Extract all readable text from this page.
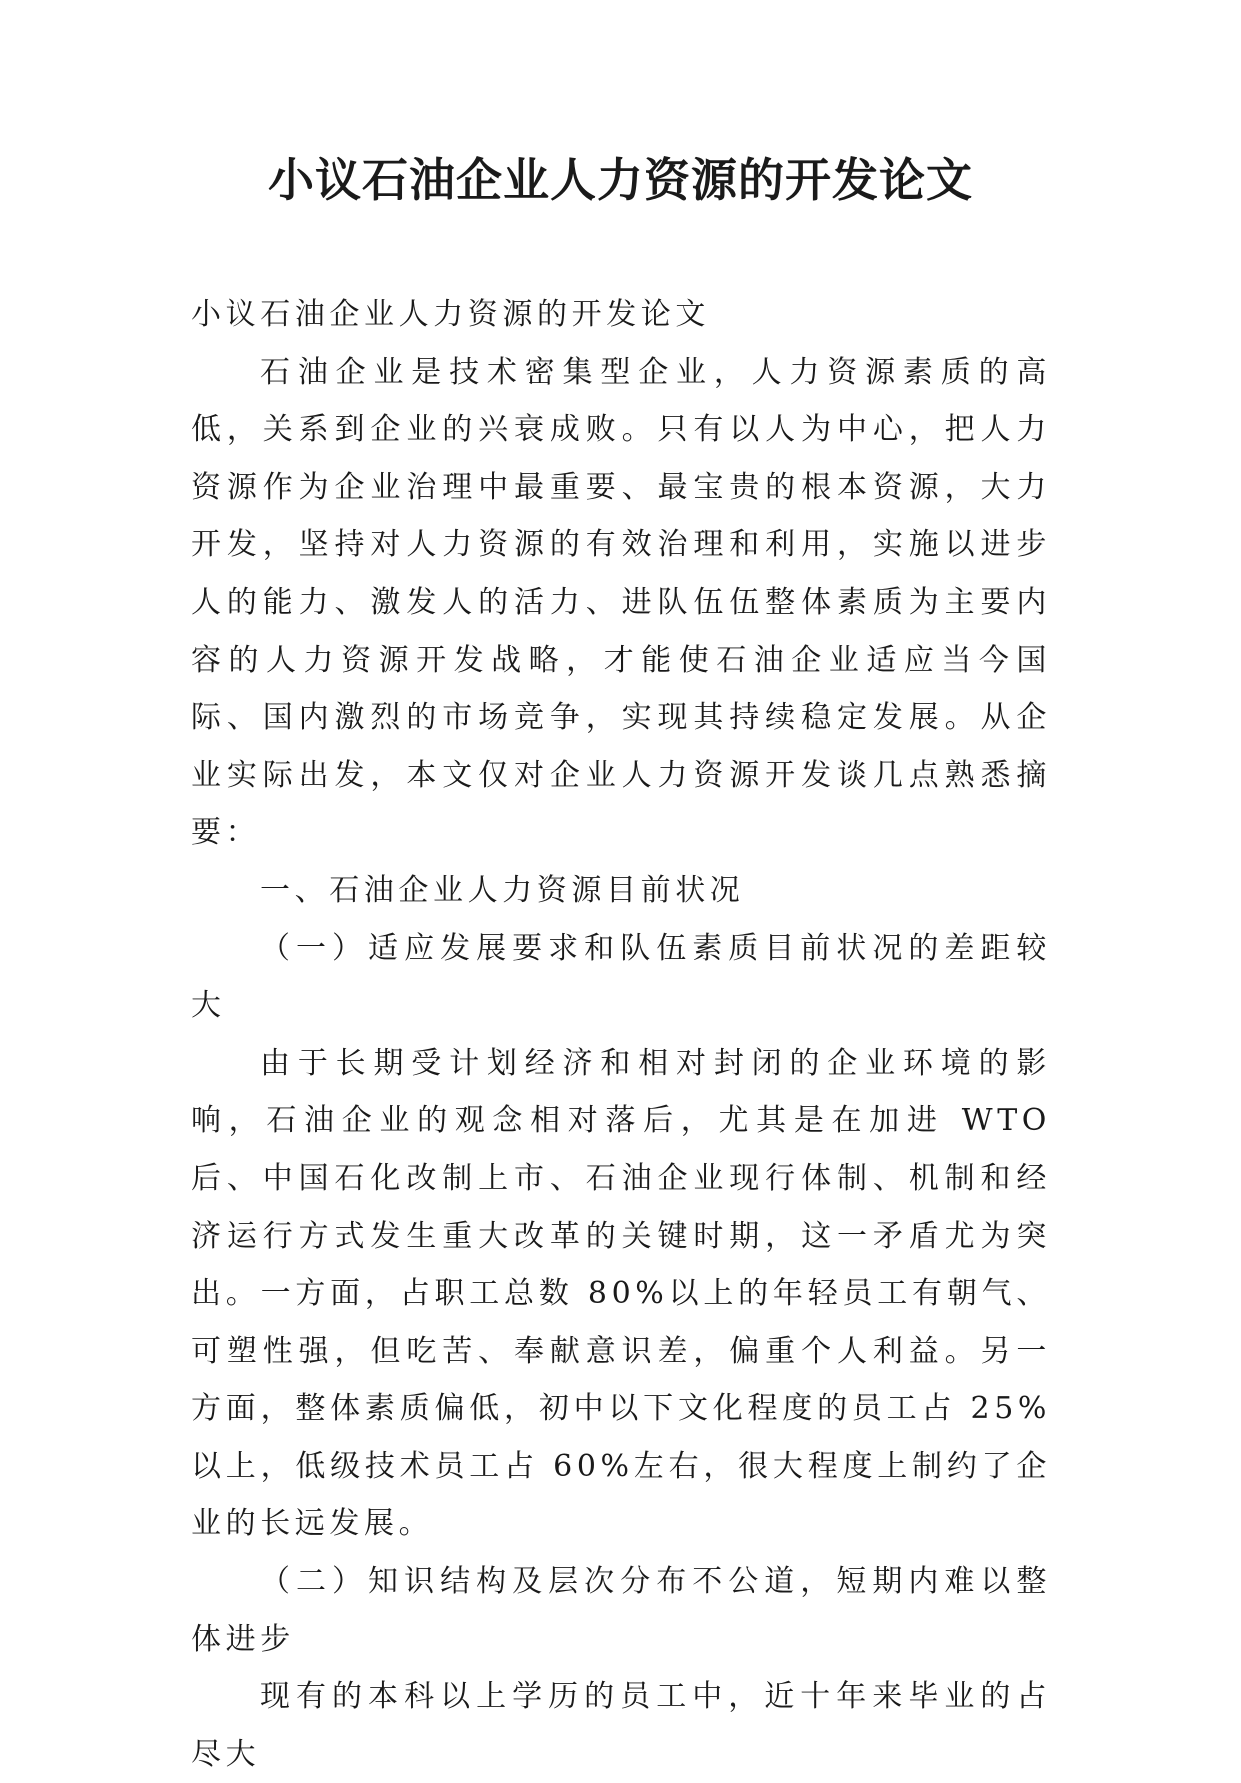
小议石油企业人力资源的开发论文

小议石油企业人力资源的开发论文

石油企业是技术密集型企业，人力资源素质的高低，关系到企业的兴衰成败。只有以人为中心，把人力资源作为企业治理中最重要、最宝贵的根本资源，大力开发，坚持对人力资源的有效治理和利用，实施以进步人的能力、激发人的活力、进队伍伍整体素质为主要内容的人力资源开发战略，才能使石油企业适应当今国际、国内激烈的市场竞争，实现其持续稳定发展。从企业实际出发，本文仅对企业人力资源开发谈几点熟悉摘要：

一、石油企业人力资源目前状况

（一）适应发展要求和队伍素质目前状况的差距较大

由于长期受计划经济和相对封闭的企业环境的影响，石油企业的观念相对落后，尤其是在加进 WTO 后、中国石化改制上市、石油企业现行体制、机制和经济运行方式发生重大改革的关键时期，这一矛盾尤为突出。一方面，占职工总数 80%以上的年轻员工有朝气、可塑性强，但吃苦、奉献意识差，偏重个人利益。另一方面，整体素质偏低，初中以下文化程度的员工占 25%以上，低级技术员工占 60%左右，很大程度上制约了企业的长远发展。

（二）知识结构及层次分布不公道，短期内难以整体进步

现有的本科以上学历的员工中，近十年来毕业的占尽大
